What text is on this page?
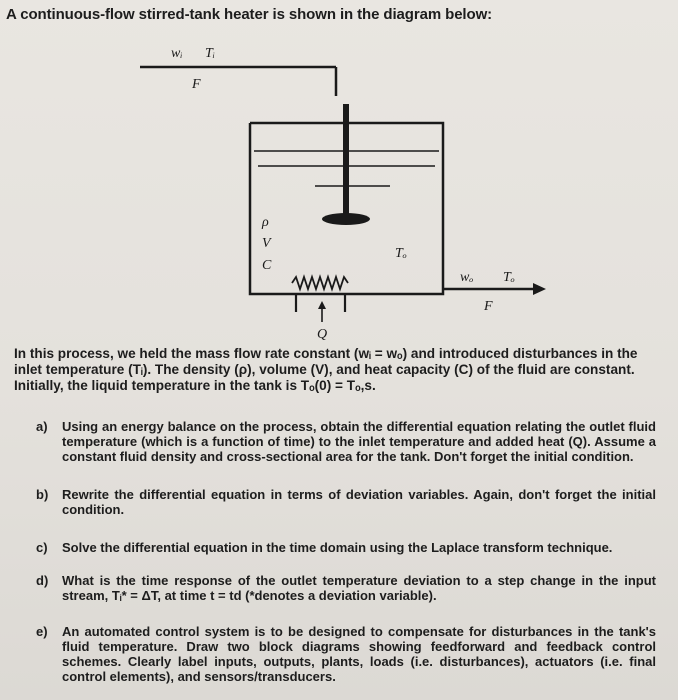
A continuous-flow stirred-tank heater is shown in the diagram below:
wᵢ Tᵢ
F
ρ
V
C
Tₒ
wₒ Tₒ
F
Q
In this process, we held the mass flow rate constant (wᵢ = wₒ) and introduced disturbances in the inlet temperature (Tᵢ). The density (ρ), volume (V), and heat capacity (C) of the fluid are constant. Initially, the liquid temperature in the tank is Tₒ(0) = Tₒ,s.
a) Using an energy balance on the process, obtain the differential equation relating the outlet fluid temperature (which is a function of time) to the inlet temperature and added heat (Q). Assume a constant fluid density and cross-sectional area for the tank. Don't forget the initial condition.
b) Rewrite the differential equation in terms of deviation variables. Again, don't forget the initial condition.
c) Solve the differential equation in the time domain using the Laplace transform technique.
d) What is the time response of the outlet temperature deviation to a step change in the input stream, Tᵢ* = ΔT, at time t = td (*denotes a deviation variable).
e) An automated control system is to be designed to compensate for disturbances in the tank's fluid temperature. Draw two block diagrams showing feedforward and feedback control schemes. Clearly label inputs, outputs, plants, loads (i.e. disturbances), actuators (i.e. final control elements), and sensors/transducers.
